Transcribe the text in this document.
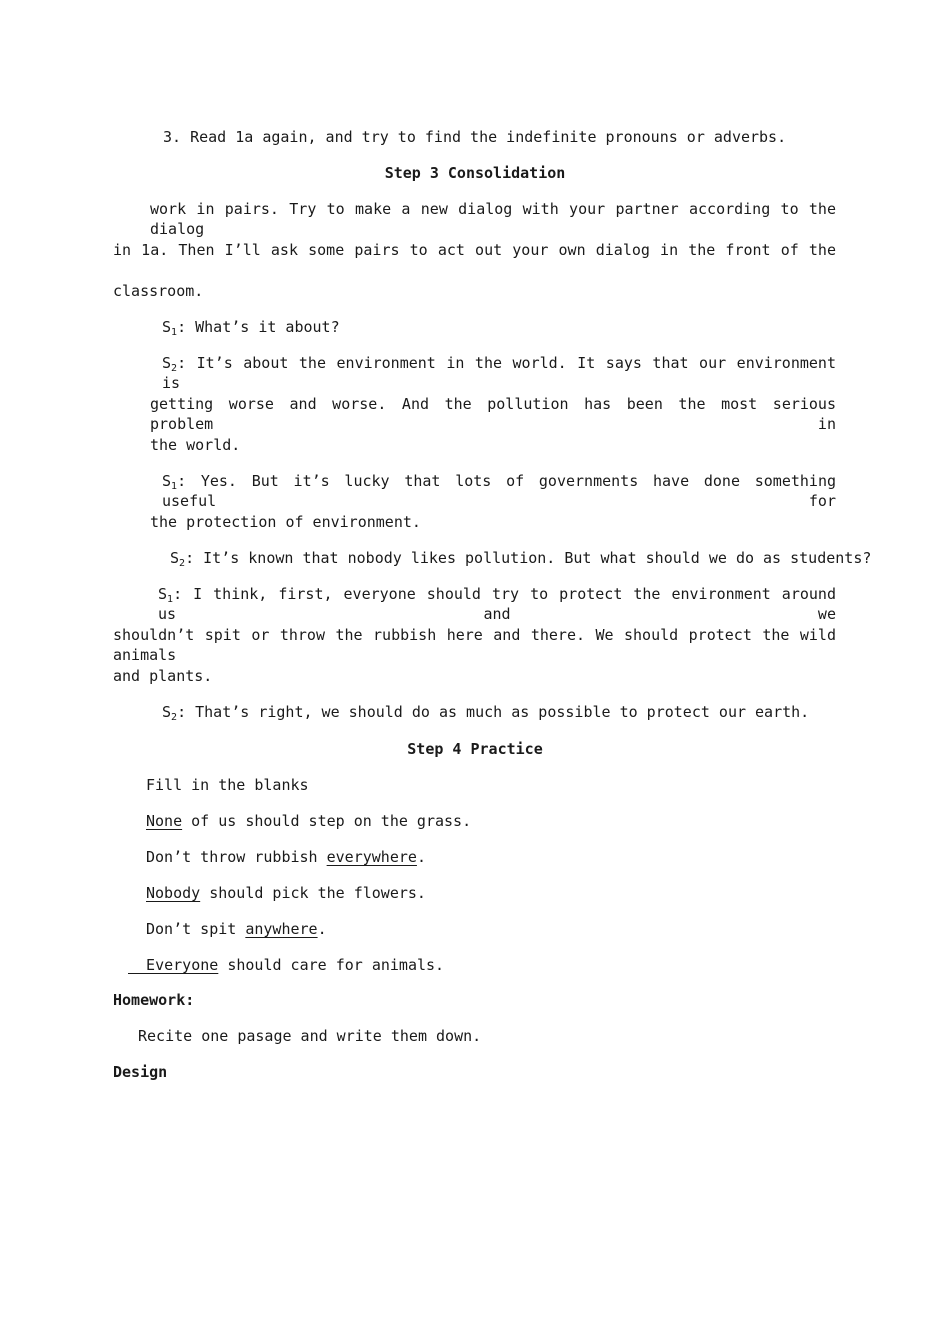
3. Read 1a again, and try to find the indefinite pronouns or adverbs.
Step 3 Consolidation
work in pairs. Try to make a new dialog with your partner according to the dialog
in 1a. Then I’ll ask some pairs to act out your own dialog in the front of the
classroom.
$S_1$: What’s it about?
$S_2$: It’s about the environment in the world. It says that our environment is
getting worse and worse. And the pollution has been the most serious problem in
the world.
$S_1$: Yes. But it’s lucky that lots of governments have done something useful for
the protection of environment.
$S_2$: It’s known that nobody likes pollution. But what should we do as students?
$S_1$: I think, first, everyone should try to protect the environment around us and we
shouldn’t spit or throw the rubbish here and there. We should protect the wild animals
and plants.
$S_2$: That’s right, we should do as much as possible to protect our earth.
Step 4 Practice
Fill in the blanks
None of us should step on the grass.
Don’t throw rubbish everywhere.
Nobody should pick the flowers.
Don’t spit anywhere.
Everyone should care for animals.
Homework:
Recite one pasage and write them down.
Design
